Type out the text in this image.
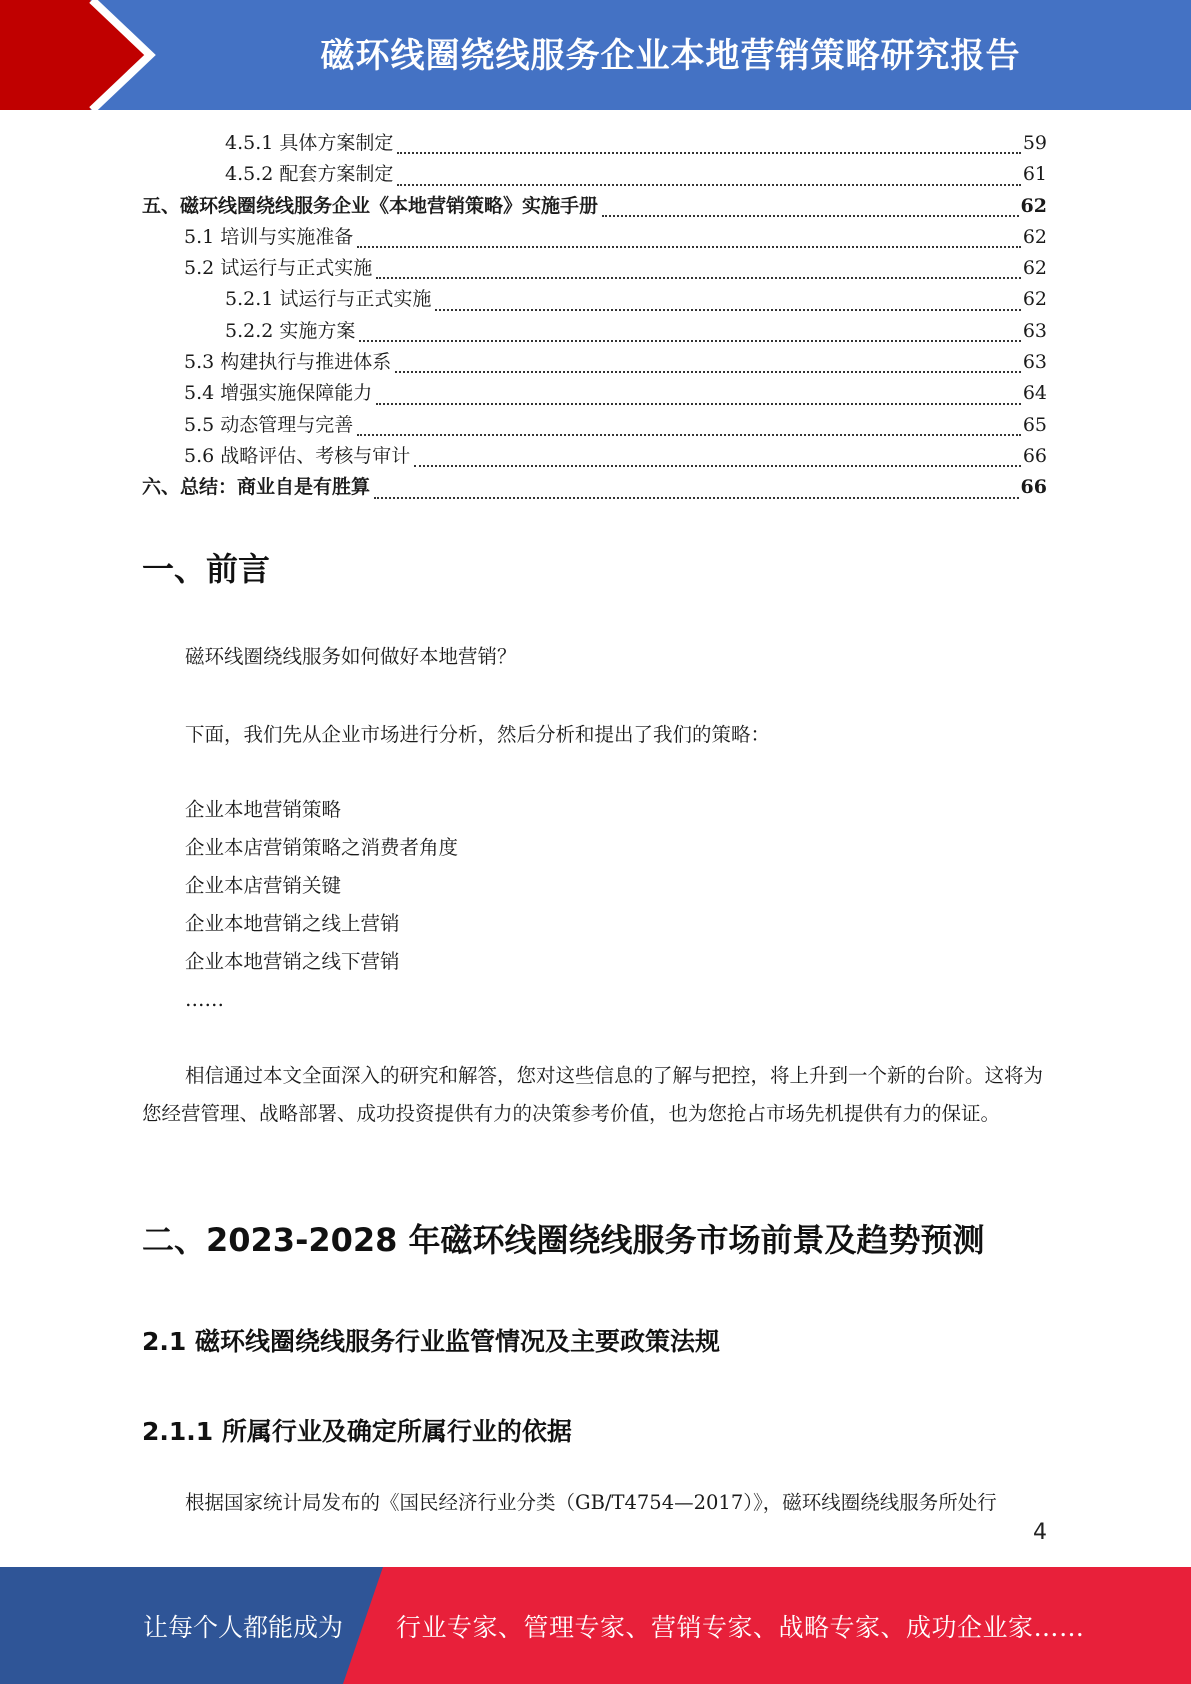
磁环线圈绕线服务企业本地营销策略研究报告
4.5.1 具体方案制定	59
4.5.2 配套方案制定	61
五、磁环线圈绕线服务企业《本地营销策略》实施手册	62
5.1 培训与实施准备	62
5.2 试运行与正式实施	62
5.2.1 试运行与正式实施	62
5.2.2 实施方案	63
5.3 构建执行与推进体系	63
5.4 增强实施保障能力	64
5.5 动态管理与完善	65
5.6 战略评估、考核与审计	66
六、总结：商业自是有胜算	66
一、前言
磁环线圈绕线服务如何做好本地营销？
下面，我们先从企业市场进行分析，然后分析和提出了我们的策略：
企业本地营销策略
企业本店营销策略之消费者角度
企业本店营销关键
企业本地营销之线上营销
企业本地营销之线下营销
……
相信通过本文全面深入的研究和解答，您对这些信息的了解与把控，将上升到一个新的台阶。这将为您经营管理、战略部署、成功投资提供有力的决策参考价值，也为您抢占市场先机提供有力的保证。
二、2023-2028 年磁环线圈绕线服务市场前景及趋势预测
2.1 磁环线圈绕线服务行业监管情况及主要政策法规
2.1.1 所属行业及确定所属行业的依据
根据国家统计局发布的《国民经济行业分类（GB/T4754—2017）》，磁环线圈绕线服务所处行
4
让每个人都能成为 行业专家、管理专家、营销专家、战略专家、成功企业家……
